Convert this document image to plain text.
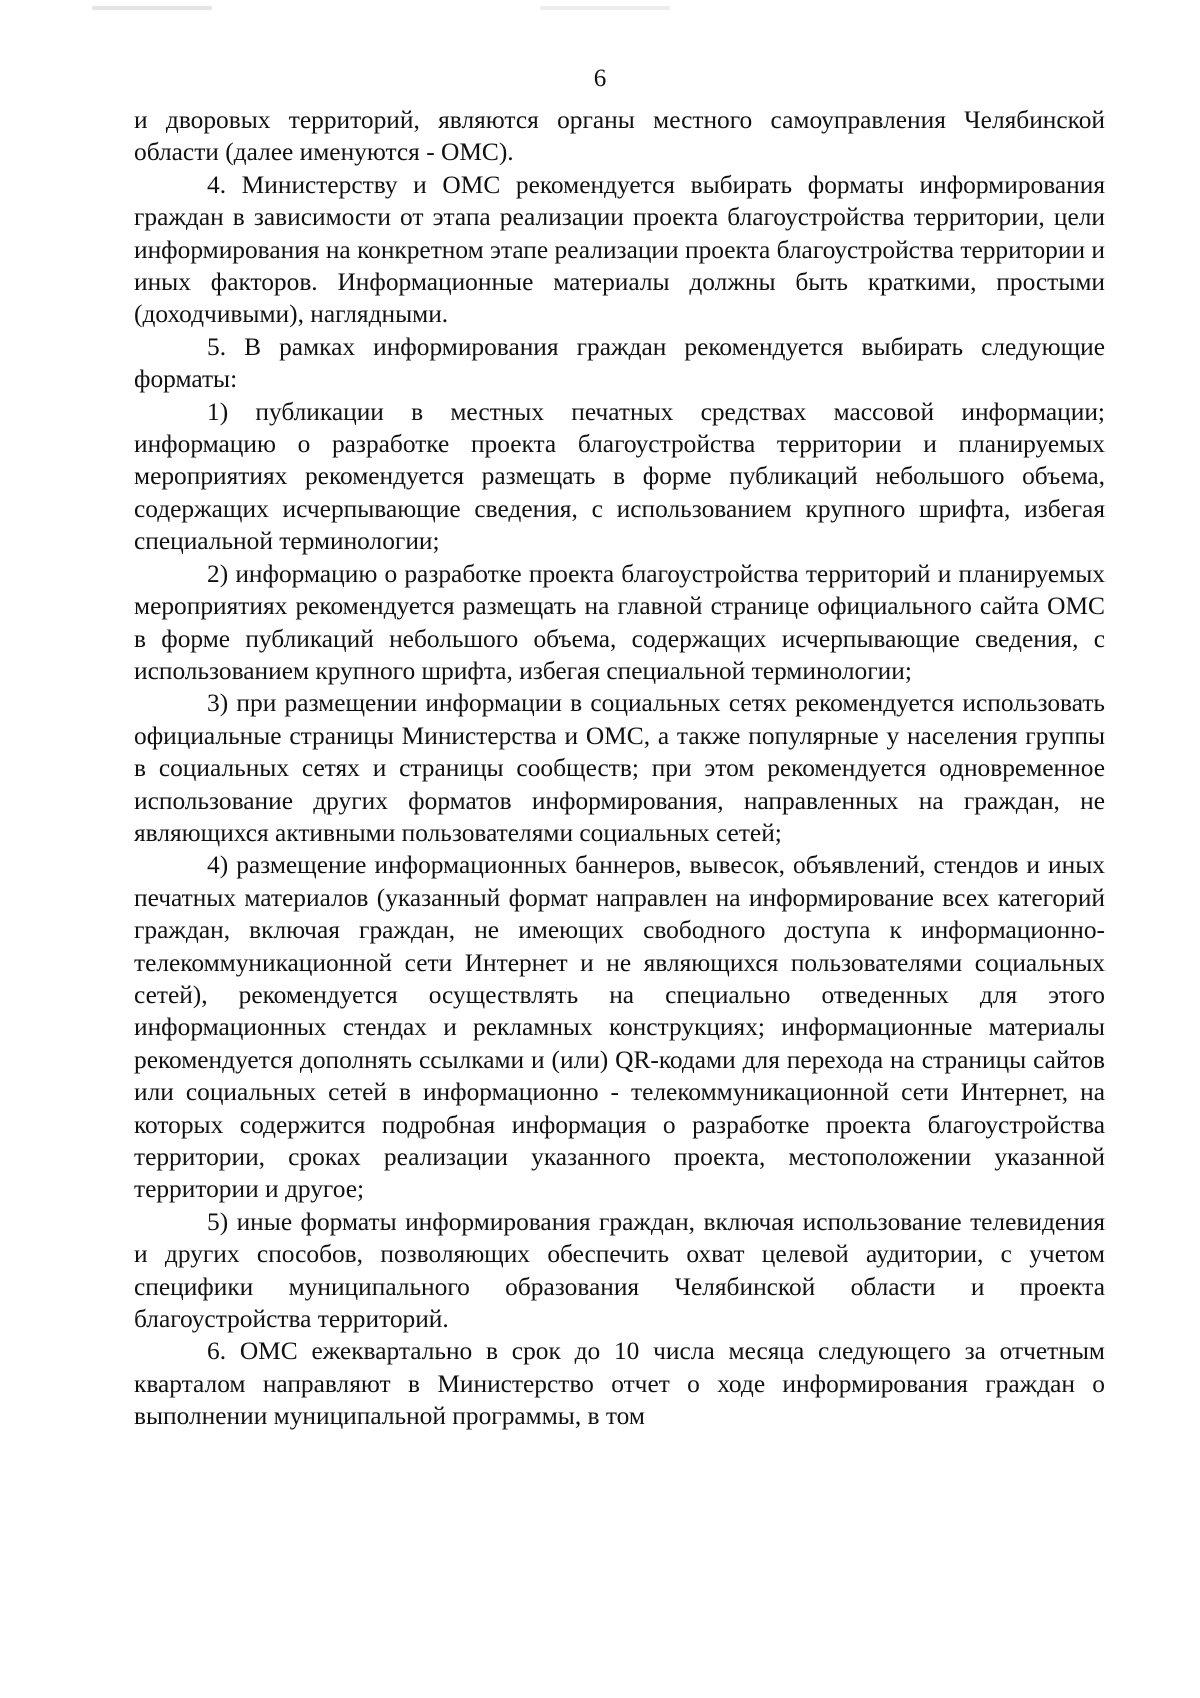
6

и дворовых территорий, являются органы местного самоуправления Челябинской области (далее именуются - ОМС).

4. Министерству и ОМС рекомендуется выбирать форматы информирования граждан в зависимости от этапа реализации проекта благоустройства территории, цели информирования на конкретном этапе реализации проекта благоустройства территории и иных факторов. Информационные материалы должны быть краткими, простыми (доходчивыми), наглядными.

5. В рамках информирования граждан рекомендуется выбирать следующие форматы:

1) публикации в местных печатных средствах массовой информации; информацию о разработке проекта благоустройства территории и планируемых мероприятиях рекомендуется размещать в форме публикаций небольшого объема, содержащих исчерпывающие сведения, с использованием крупного шрифта, избегая специальной терминологии;

2) информацию о разработке проекта благоустройства территорий и планируемых мероприятиях рекомендуется размещать на главной странице официального сайта ОМС в форме публикаций небольшого объема, содержащих исчерпывающие сведения, с использованием крупного шрифта, избегая специальной терминологии;

3) при размещении информации в социальных сетях рекомендуется использовать официальные страницы Министерства и ОМС, а также популярные у населения группы в социальных сетях и страницы сообществ; при этом рекомендуется одновременное использование других форматов информирования, направленных на граждан, не являющихся активными пользователями социальных сетей;

4) размещение информационных баннеров, вывесок, объявлений, стендов и иных печатных материалов (указанный формат направлен на информирование всех категорий граждан, включая граждан, не имеющих свободного доступа к информационно-телекоммуникационной сети Интернет и не являющихся пользователями социальных сетей), рекомендуется осуществлять на специально отведенных для этого информационных стендах и рекламных конструкциях; информационные материалы рекомендуется дополнять ссылками и (или) QR-кодами для перехода на страницы сайтов или социальных сетей в информационно - телекоммуникационной сети Интернет, на которых содержится подробная информация о разработке проекта благоустройства территории, сроках реализации указанного проекта, местоположении указанной территории и другое;

5) иные форматы информирования граждан, включая использование телевидения и других способов, позволяющих обеспечить охват целевой аудитории, с учетом специфики муниципального образования Челябинской области и проекта благоустройства территорий.

6. ОМС ежеквартально в срок до 10 числа месяца следующего за отчетным кварталом направляют в Министерство отчет о ходе информирования граждан о выполнении муниципальной программы, в том
